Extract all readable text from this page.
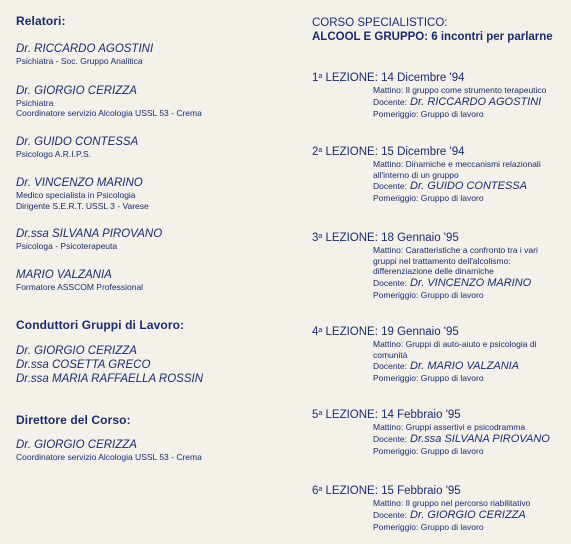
Relatori:
Dr. RICCARDO AGOSTINI
Psichiatra - Soc. Gruppo Analitica
Dr. GIORGIO CERIZZA
Psichiatra
Coordinatore servizio Alcologia USSL 53 - Crema
Dr. GUIDO CONTESSA
Psicologo A.R.I.P.S.
Dr. VINCENZO MARINO
Medico specialista in Psicologia
Dirigente S.E.R.T. USSL 3 - Varese
Dr.ssa SILVANA PIROVANO
Psicologa - Psicoterapeuta
MARIO VALZANIA
Formatore ASSCOM Professional
Conduttori Gruppi di Lavoro:
Dr. GIORGIO CERIZZA
Dr.ssa COSETTA GRECO
Dr.ssa MARIA RAFFAELLA ROSSIN
Direttore del Corso:
Dr. GIORGIO CERIZZA
Coordinatore servizio Alcologia USSL 53 - Crema
CORSO SPECIALISTICO:
ALCOOL E GRUPPO: 6 incontri per parlarne
1$^a$ LEZIONE: 14 Dicembre '94
Mattino: Il gruppo come strumento terapeutico
Docente: Dr. RICCARDO AGOSTINI
Pomeriggio: Gruppo di lavoro
2$^a$ LEZIONE: 15 Dicembre '94
Mattino: Dinamiche e meccanismi relazionali
all'interno di un gruppo
Docente: Dr. GUIDO CONTESSA
Pomeriggio: Gruppo di lavoro
3$^a$ LEZIONE: 18 Gennaio '95
Mattino: Caratteristiche a confronto tra i vari
gruppi nel trattamento dell'alcolismo:
differenziazione delle dinamiche
Docente: Dr. VINCENZO MARINO
Pomeriggio: Gruppo di lavoro
4$^a$ LEZIONE: 19 Gennaio '95
Mattino: Gruppi di auto-aiuto e psicologia di
comunità
Docente: Dr. MARIO VALZANIA
Pomeriggio: Gruppo di lavoro
5$^a$ LEZIONE: 14 Febbraio '95
Mattino: Gruppi assertivi e psicodramma
Docente: Dr.ssa SILVANA PIROVANO
Pomeriggio: Gruppo di lavoro
6$^a$ LEZIONE: 15 Febbraio '95
Mattino: Il gruppo nel percorso riabilitativo
Docente: Dr. GIORGIO CERIZZA
Pomeriggio: Gruppo di lavoro
